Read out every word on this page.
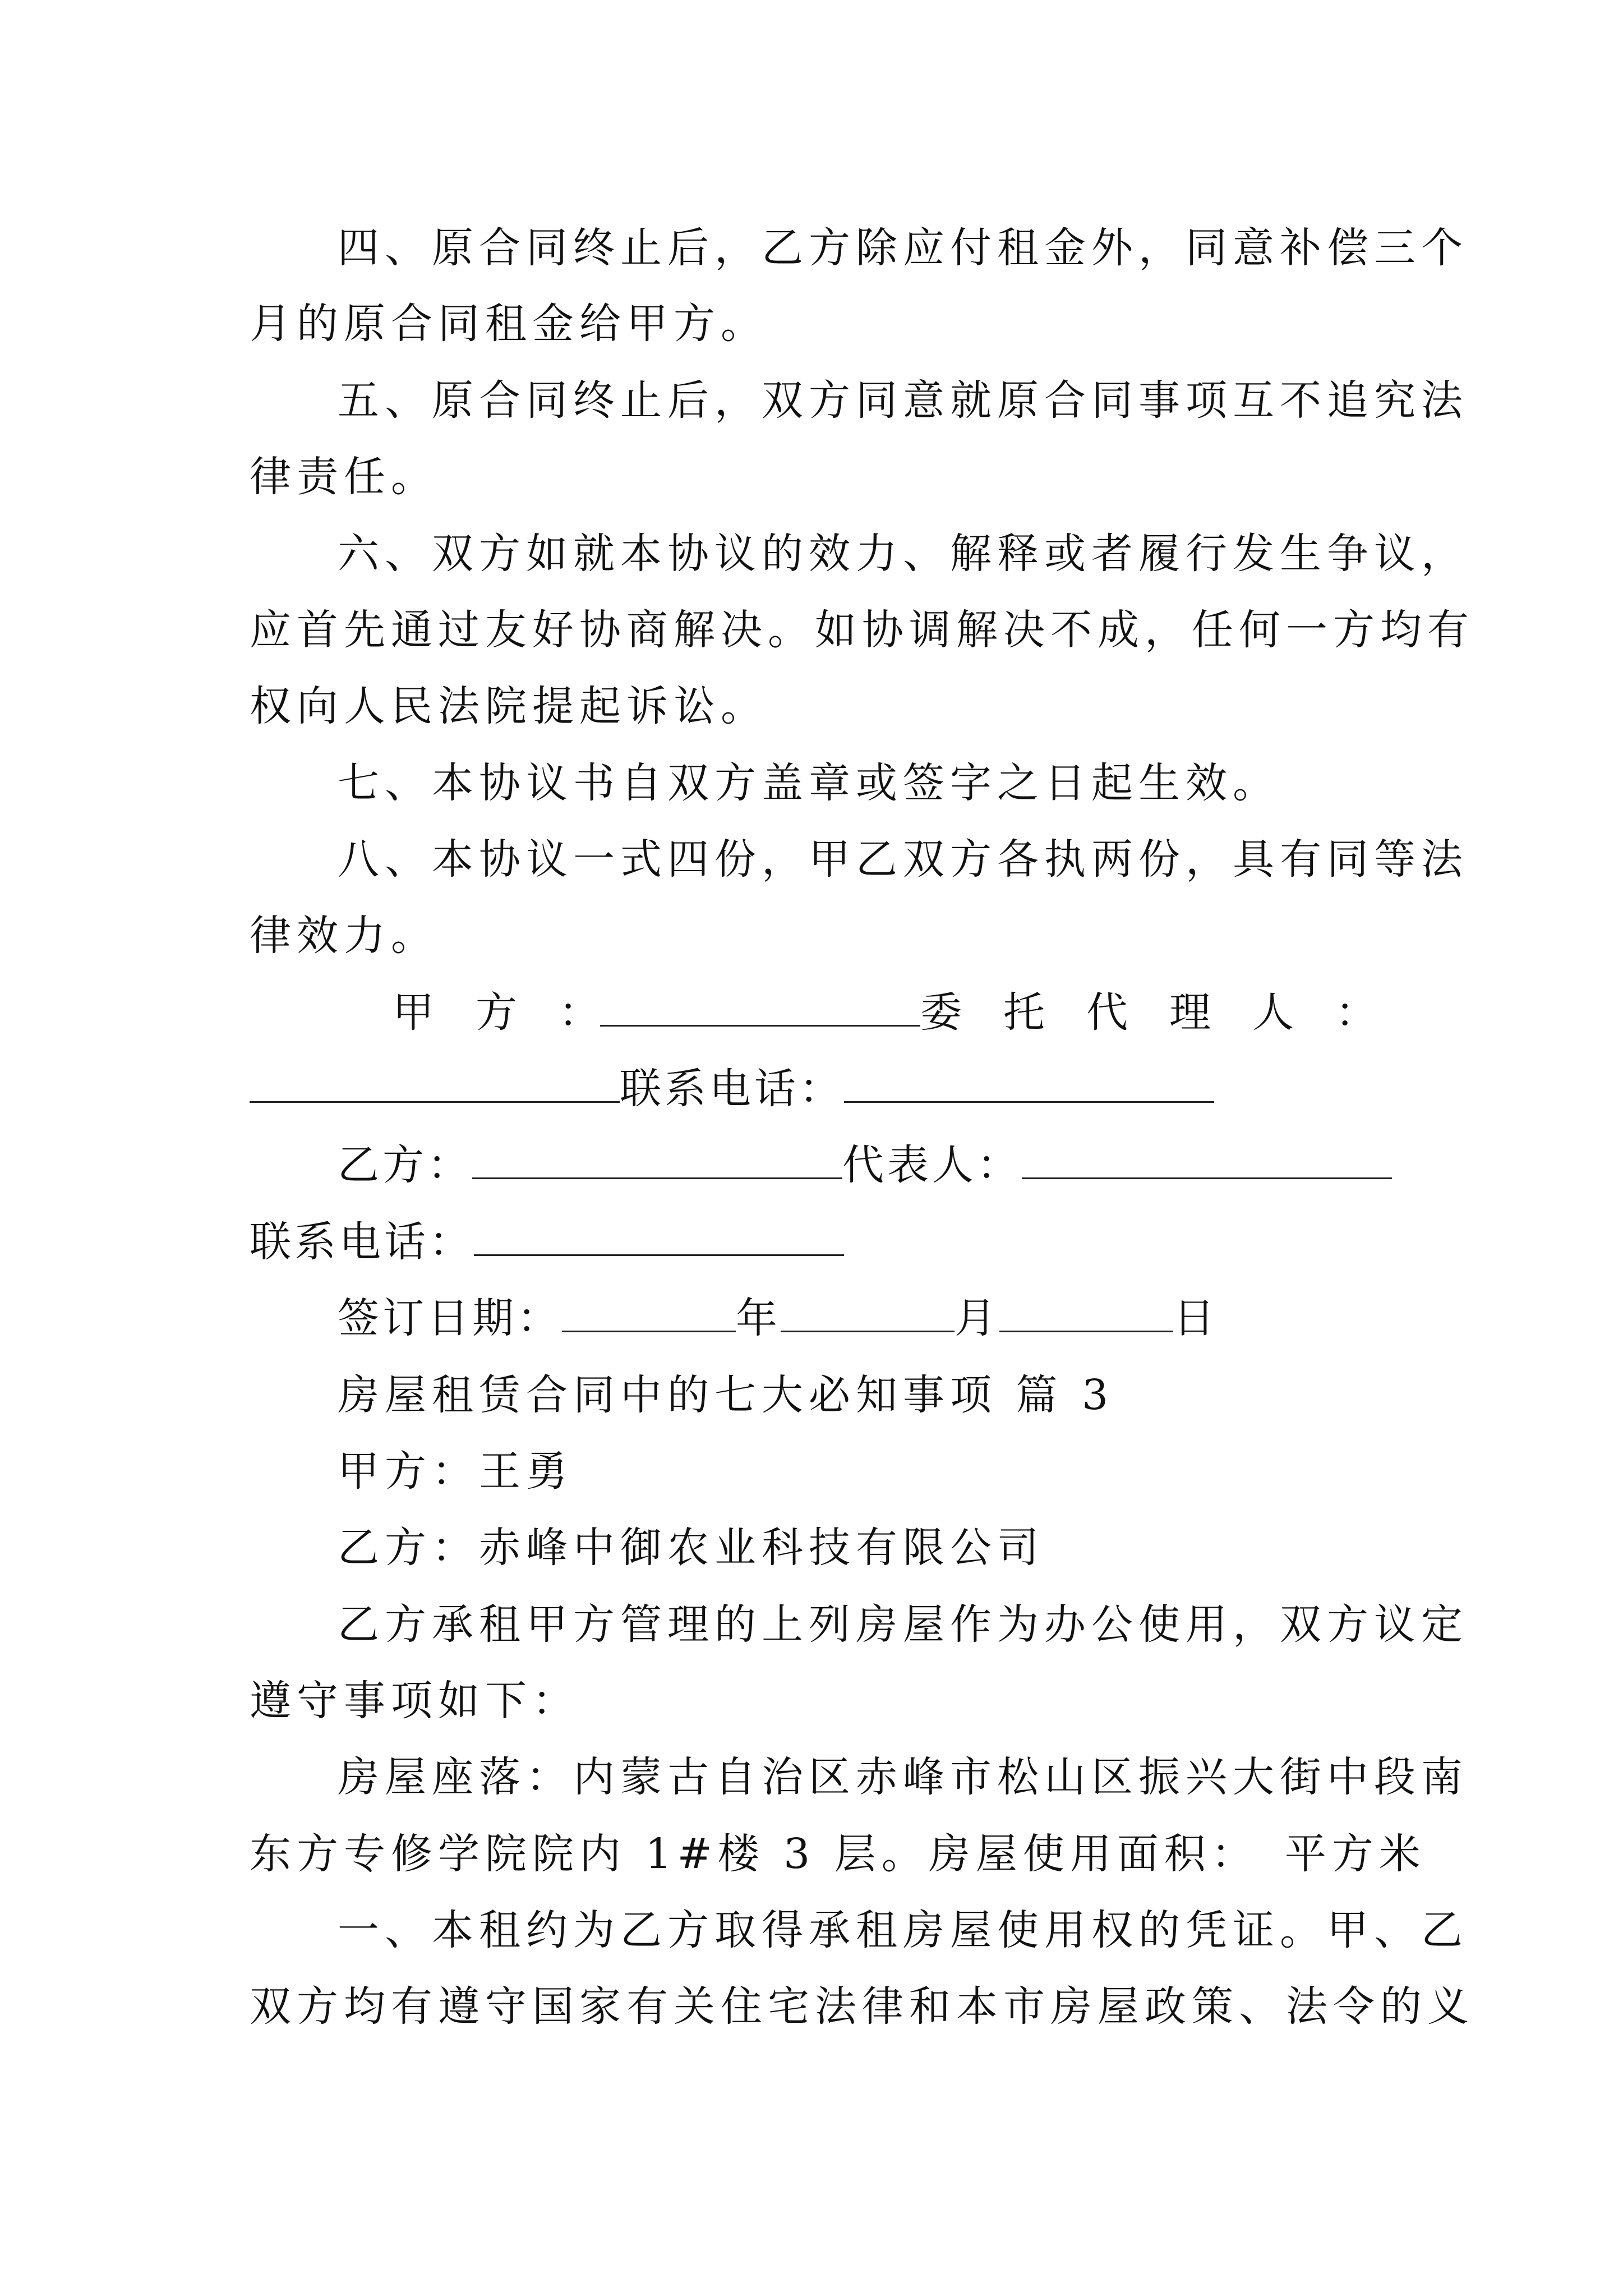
四、原合同终止后，乙方除应付租金外，同意补偿三个
月的原合同租金给甲方。
五、原合同终止后，双方同意就原合同事项互不追究法
律责任。
六、双方如就本协议的效力、解释或者履行发生争议，
应首先通过友好协商解决。如协调解决不成，任何一方均有
权向人民法院提起诉讼。
七、本协议书自双方盖章或签字之日起生效。
八、本协议一式四份，甲乙双方各执两份，具有同等法
律效力。
甲　方　：	委　托　代　理　人　：
联系电话：
乙方：	代表人：
联系电话：
签订日期：	年	月	日
房屋租赁合同中的七大必知事项 篇 3
甲方：王勇
乙方：赤峰中御农业科技有限公司
乙方承租甲方管理的上列房屋作为办公使用，双方议定
遵守事项如下：
房屋座落：内蒙古自治区赤峰市松山区振兴大街中段南
东方专修学院院内 1#楼 3 层。房屋使用面积：　平方米
一、本租约为乙方取得承租房屋使用权的凭证。甲、乙
双方均有遵守国家有关住宅法律和本市房屋政策、法令的义
